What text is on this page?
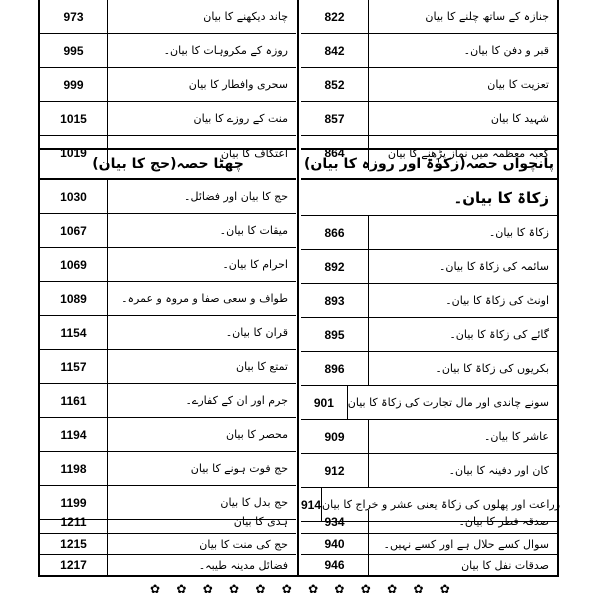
973	چاند دیکھنے کا بیان
995	روزہ کے مکروہات کا بیان۔
999	سحری وافطار کا بیان
1015	منت کے روزے کا بیان
1019	اعتکاف کا بیان
چھٹا حصہ(حج کا بیان)
1030	حج کا بیان اور فضائل۔
1067	میقات کا بیان۔
1069	احرام کا بیان۔
1089	طواف و سعی صفا و مروہ و عمرہ۔
1154	قران کا بیان۔
1157	تمتع کا بیان
1161	جرم اور ان کے کفارے۔
1194	محصر کا بیان
1198	حج فوت ہونے کا بیان
1199	حج بدل کا بیان
1211	ہدی کا بیان
1215	حج کی منت کا بیان
1217	فضائل مدینہ طیبہ۔
822	جنازہ کے ساتھ چلنے کا بیان
842	قبر و دفن کا بیان۔
852	تعزیت کا بیان
857	شہید کا بیان
864	کعبہ معظمہ میں نماز پڑھنے کا بیان
پانچواں حصہ(زکوٰۃ اور روزہ کا بیان)
زکاۃ کا بیان۔
866	زکاۃ کا بیان۔
892	سائمہ کی زکاۃ کا بیان۔
893	اونٹ کی زکاۃ کا بیان۔
895	گائے کی زکاۃ کا بیان۔
896	بکریوں کی زکاۃ کا بیان۔
901	سونے چاندی اور مال تجارت کی زکاۃ کا بیان
909	عاشر کا بیان۔
912	کان اور دفینہ کا بیان۔
914 زراعت اور پھلوں کی زکاۃ یعنی عشر و خراج کا بیان
934	صدقہ فطر کا بیان۔
940	سوال کسے حلال ہے اور کسے نہیں۔
946	صدقات نفل کا بیان
✿ ✿ ✿ ✿ ✿ ✿ ✿ ✿ ✿ ✿ ✿ ✿
